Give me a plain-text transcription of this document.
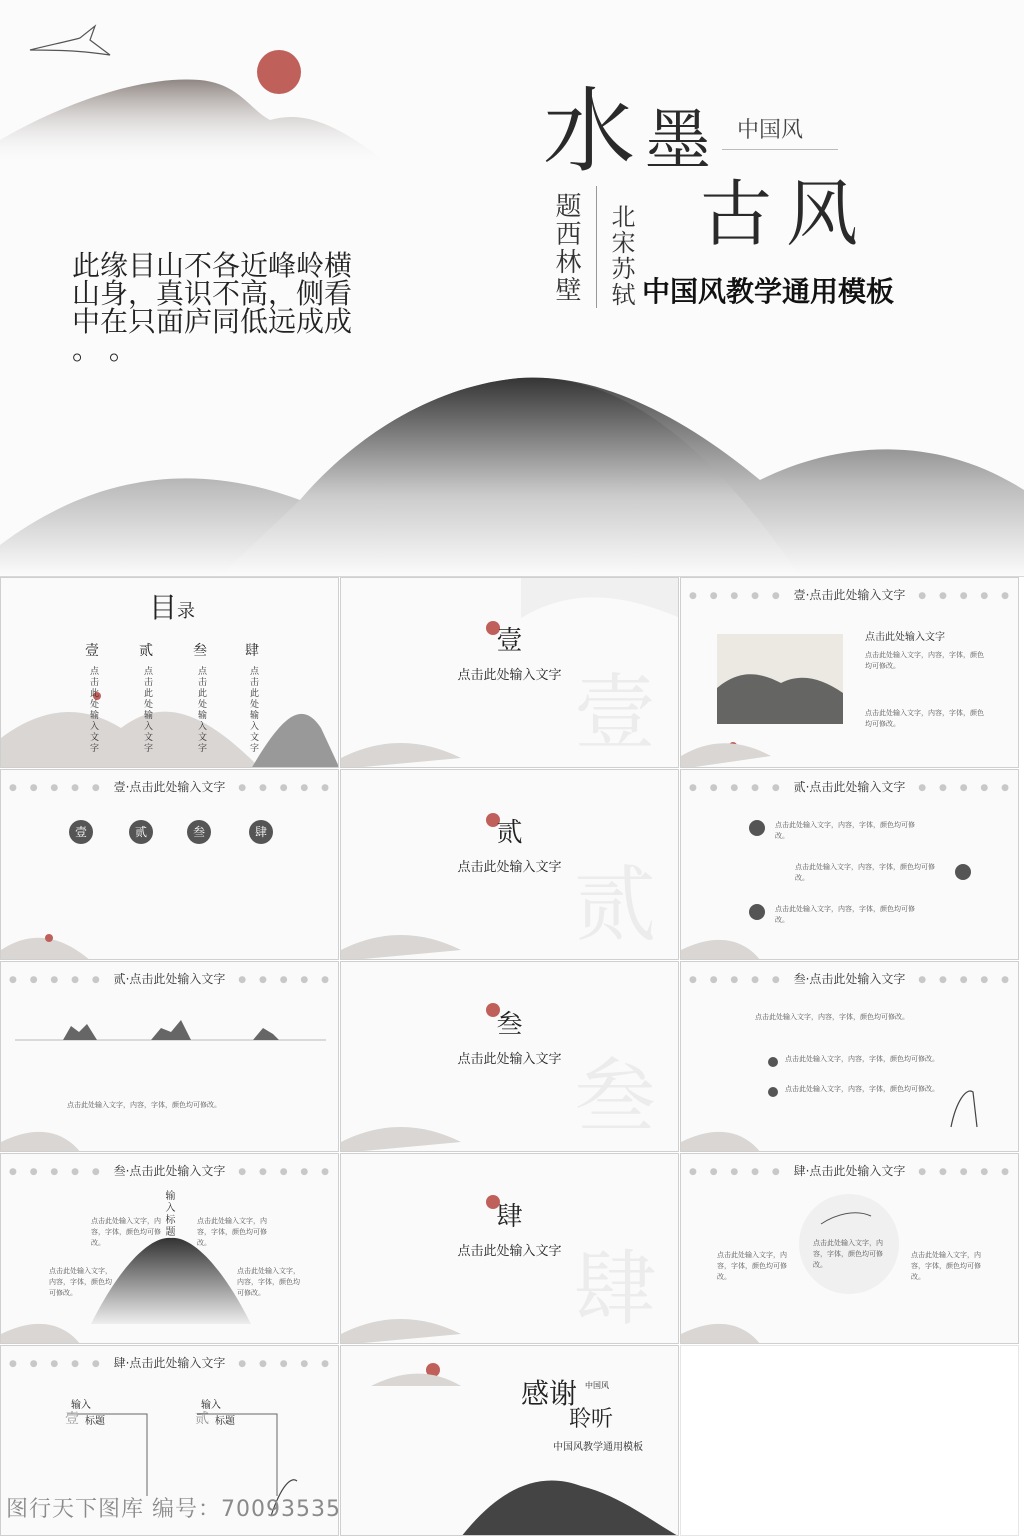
水 墨 中国风
古风
题西林壁 北宋苏轼 中国风教学通用模板
此缘目山不各近峰岭横
山身，真识不高，侧看
中在只面庐同低远成成
。 。
目录
壹	贰	叁	肆
点击此处输入文字	点击此处输入文字	点击此处输入文字	点击此处输入文字	壹
壹
点击此处输入文字
● ● ● ● ●	● ● ● ● ●
壹·点击此处输入文字
点击此处输入文字
点击此处输入文字，内容，字体，颜色均可修改。
点击此处输入文字，内容，字体，颜色均可修改。
● ● ● ● ●	● ● ● ● ●
壹·点击此处输入文字
壹	贰	叁	肆
贰
贰
点击此处输入文字
● ● ● ● ●	● ● ● ● ●
贰·点击此处输入文字
点击此处输入文字，内容，字体，颜色均可修改。
点击此处输入文字，内容，字体，颜色均可修改。
点击此处输入文字，内容，字体，颜色均可修改。
● ● ● ● ●	● ● ● ● ●
贰·点击此处输入文字
点击此处输入文字，内容，字体，颜色均可修改。	叁
叁
点击此处输入文字
● ● ● ● ●	● ● ● ● ●
叁·点击此处输入文字
点击此处输入文字，内容，字体，颜色均可修改。
点击此处输入文字，内容，字体，颜色均可修改。
点击此处输入文字，内容，字体，颜色均可修改。
● ● ● ● ●	● ● ● ● ●
叁·点击此处输入文字
输入标题
点击此处输入文字，内容，字体，颜色均可修改。
点击此处输入文字，内容，字体，颜色均可修改。
点击此处输入文字，内容，字体，颜色均可修改。
点击此处输入文字，内容，字体，颜色均可修改。	肆
肆
点击此处输入文字
● ● ● ● ●	● ● ● ● ●
肆·点击此处输入文字
点击此处输入文字，内容，字体，颜色均可修改。
点击此处输入文字，内容，字体，颜色均可修改。
点击此处输入文字，内容，字体，颜色均可修改。
● ● ● ● ●	● ● ● ● ●
肆·点击此处输入文字
输入
壹 标题
输入
贰 标题
感谢 中国风
聆听
中国风教学通用模板
图行天下图库 编号：70093535
